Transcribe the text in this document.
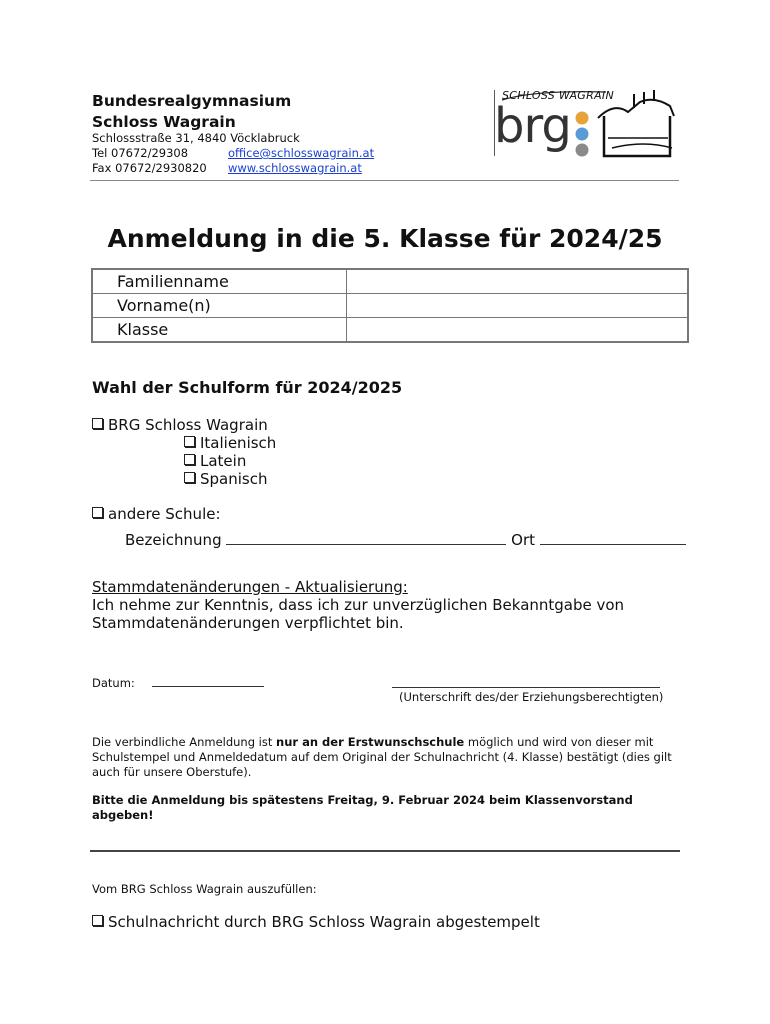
Bundesrealgymnasium
Schloss Wagrain
Schlossstraße 31, 4840 Vöcklabruck
Tel 07672/29308	office@schlosswagrain.at
Fax 07672/2930820	www.schlosswagrain.at
SCHLOSS WAGRAIN
brg
Anmeldung in die 5. Klasse für 2024/25
Familienname	
Vorname(n)	
Klasse	
Wahl der Schulform für 2024/2025
BRG Schloss Wagrain
Italienisch
Latein
Spanisch
andere Schule:
Bezeichnung	Ort
Stammdatenänderungen - Aktualisierung:
Ich nehme zur Kenntnis, dass ich zur unverzüglichen Bekanntgabe von
Stammdatenänderungen verpflichtet bin.
Datum:
(Unterschrift des/der Erziehungsberechtigten)
Die verbindliche Anmeldung ist nur an der Erstwunschschule möglich und wird von dieser mit
Schulstempel und Anmeldedatum auf dem Original der Schulnachricht (4. Klasse) bestätigt (dies gilt
auch für unsere Oberstufe).
Bitte die Anmeldung bis spätestens Freitag, 9. Februar 2024 beim Klassenvorstand
abgeben!
Vom BRG Schloss Wagrain auszufüllen:
Schulnachricht durch BRG Schloss Wagrain abgestempelt
